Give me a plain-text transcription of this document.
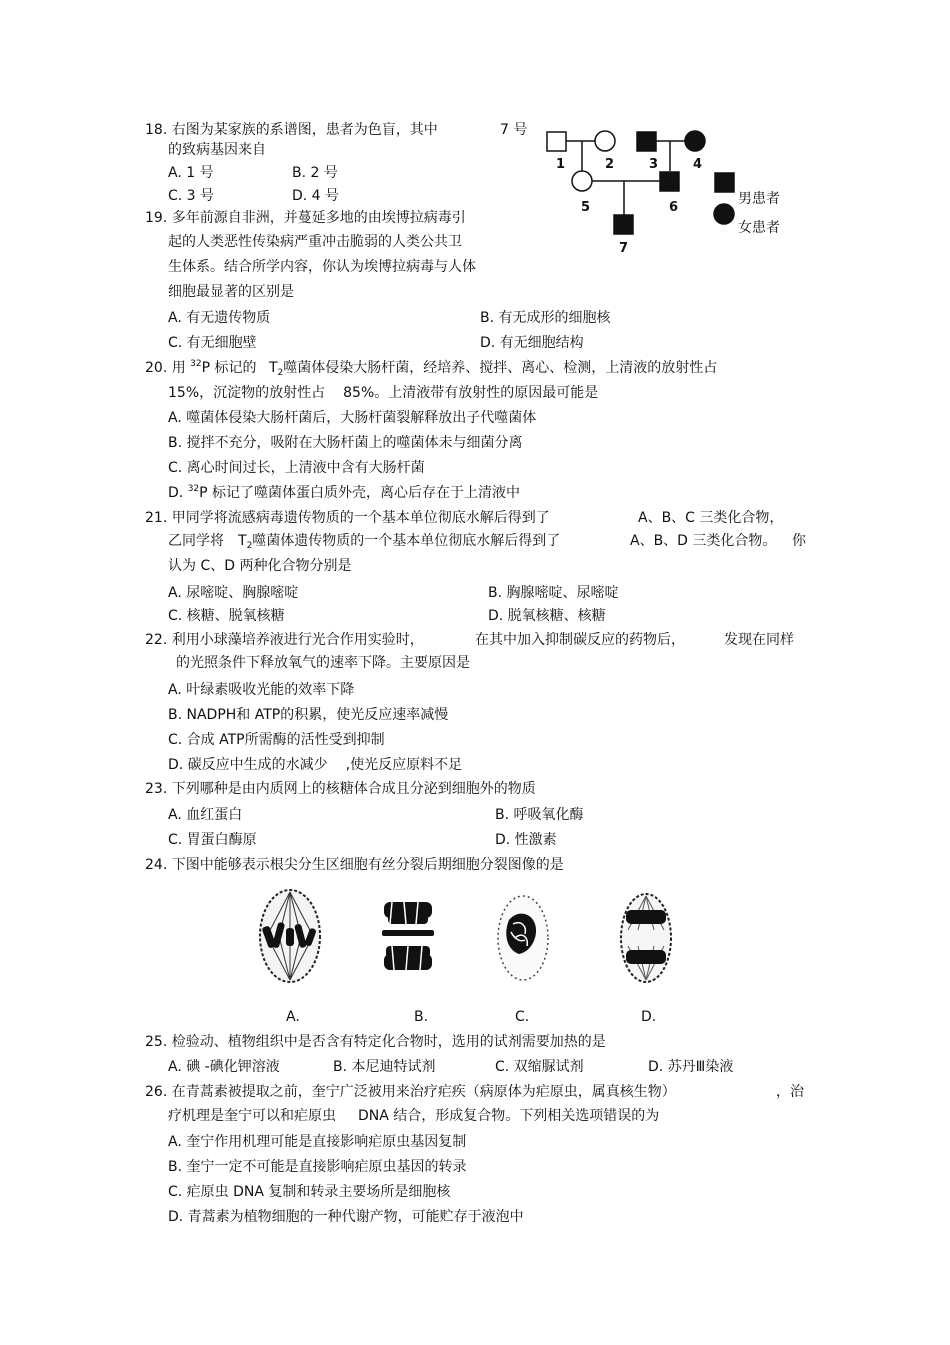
18. 右图为某家族的系谱图，患者为色盲，其中	7 号
的致病基因来自
A. 1 号	B. 2 号
C. 3 号	D. 4 号
1	2	3	4
5	6
7
男患者
女患者
19. 多年前源自非洲，并蔓延多地的由埃博拉病毒引
起的人类恶性传染病严重冲击脆弱的人类公共卫
生体系。结合所学内容，你认为埃博拉病毒与人体
细胞最显著的区别是
A. 有无遗传物质	B. 有无成形的细胞核
C. 有无细胞壁	D. 有无细胞结构
20. 用 $^{32}$P 标记的 $T_2$噬菌体侵染大肠杆菌，经培养、搅拌、离心、检测，上清液的放射性占
15%，沉淀物的放射性占 85%。上清液带有放射性的原因最可能是
A. 噬菌体侵染大肠杆菌后，大肠杆菌裂解释放出子代噬菌体
B. 搅拌不充分，吸附在大肠杆菌上的噬菌体未与细菌分离
C. 离心时间过长，上清液中含有大肠杆菌
D. $^{32}$P 标记了噬菌体蛋白质外壳，离心后存在于上清液中
21. 甲同学将流感病毒遗传物质的一个基本单位彻底水解后得到了	A、B、C 三类化合物，
乙同学将 $T_2$噬菌体遗传物质的一个基本单位彻底水解后得到了	A、B、D 三类化合物。 你
认为 C、D 两种化合物分别是
A. 尿嘧啶、胸腺嘧啶	B. 胸腺嘧啶、尿嘧啶
C. 核糖、脱氧核糖	D. 脱氧核糖、核糖
22. 利用小球藻培养液进行光合作用实验时，	在其中加入抑制碳反应的药物后，	发现在同样
的光照条件下释放氧气的速率下降。主要原因是
A. 叶绿素吸收光能的效率下降
B. NADPH和 ATP的积累，使光反应速率减慢
C. 合成 ATP所需酶的活性受到抑制
D. 碳反应中生成的水减少 ,使光反应原料不足
23. 下列哪种是由内质网上的核糖体合成且分泌到细胞外的物质
A. 血红蛋白	B. 呼吸氧化酶
C. 胃蛋白酶原	D. 性激素
24. 下图中能够表示根尖分生区细胞有丝分裂后期细胞分裂图像的是
A.	B.	C.	D.
25. 检验动、植物组织中是否含有特定化合物时，选用的试剂需要加热的是
A. 碘 -碘化钾溶液	B. 本尼迪特试剂	C. 双缩脲试剂	D. 苏丹Ⅲ染液
26. 在青蒿素被提取之前，奎宁广泛被用来治疗疟疾（病原体为疟原虫，属真核生物）	，治
疗机理是奎宁可以和疟原虫 DNA 结合，形成复合物。下列相关选项错误的为
A. 奎宁作用机理可能是直接影响疟原虫基因复制
B. 奎宁一定不可能是直接影响疟原虫基因的转录
C. 疟原虫 DNA 复制和转录主要场所是细胞核
D. 青蒿素为植物细胞的一种代谢产物，可能贮存于液泡中
